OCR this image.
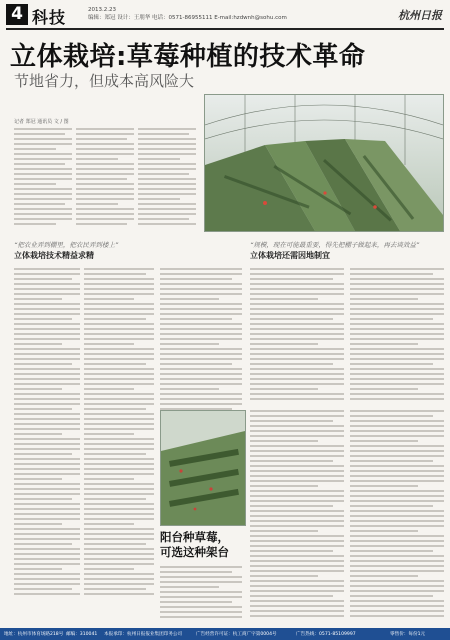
4 科技	2013.2.23
编辑：郑冠 设计：王朋华 电话：0571-86955111 E-mail:hzdwnh@sohu.com	杭州日报
立体栽培:草莓种植的技术革命
节地省力，但成本高风险大
记者 郑冠 通讯员 文 / 图
“把农业弄到棚里，把农民弄到楼上”
立体栽培技术精益求精
阳台种草莓，
可选这种架台
“规模，现在可能最重要，得先把棚子做起来，再去谈效益”
立体栽培还需因地制宜
地址：杭州市体育场路218号 邮编：310041 本报承印：杭州日报报业集团印务公司	广告经营许可证：杭工商广字第0004号	广告热线：0571-85109997	零售价：每份1元
